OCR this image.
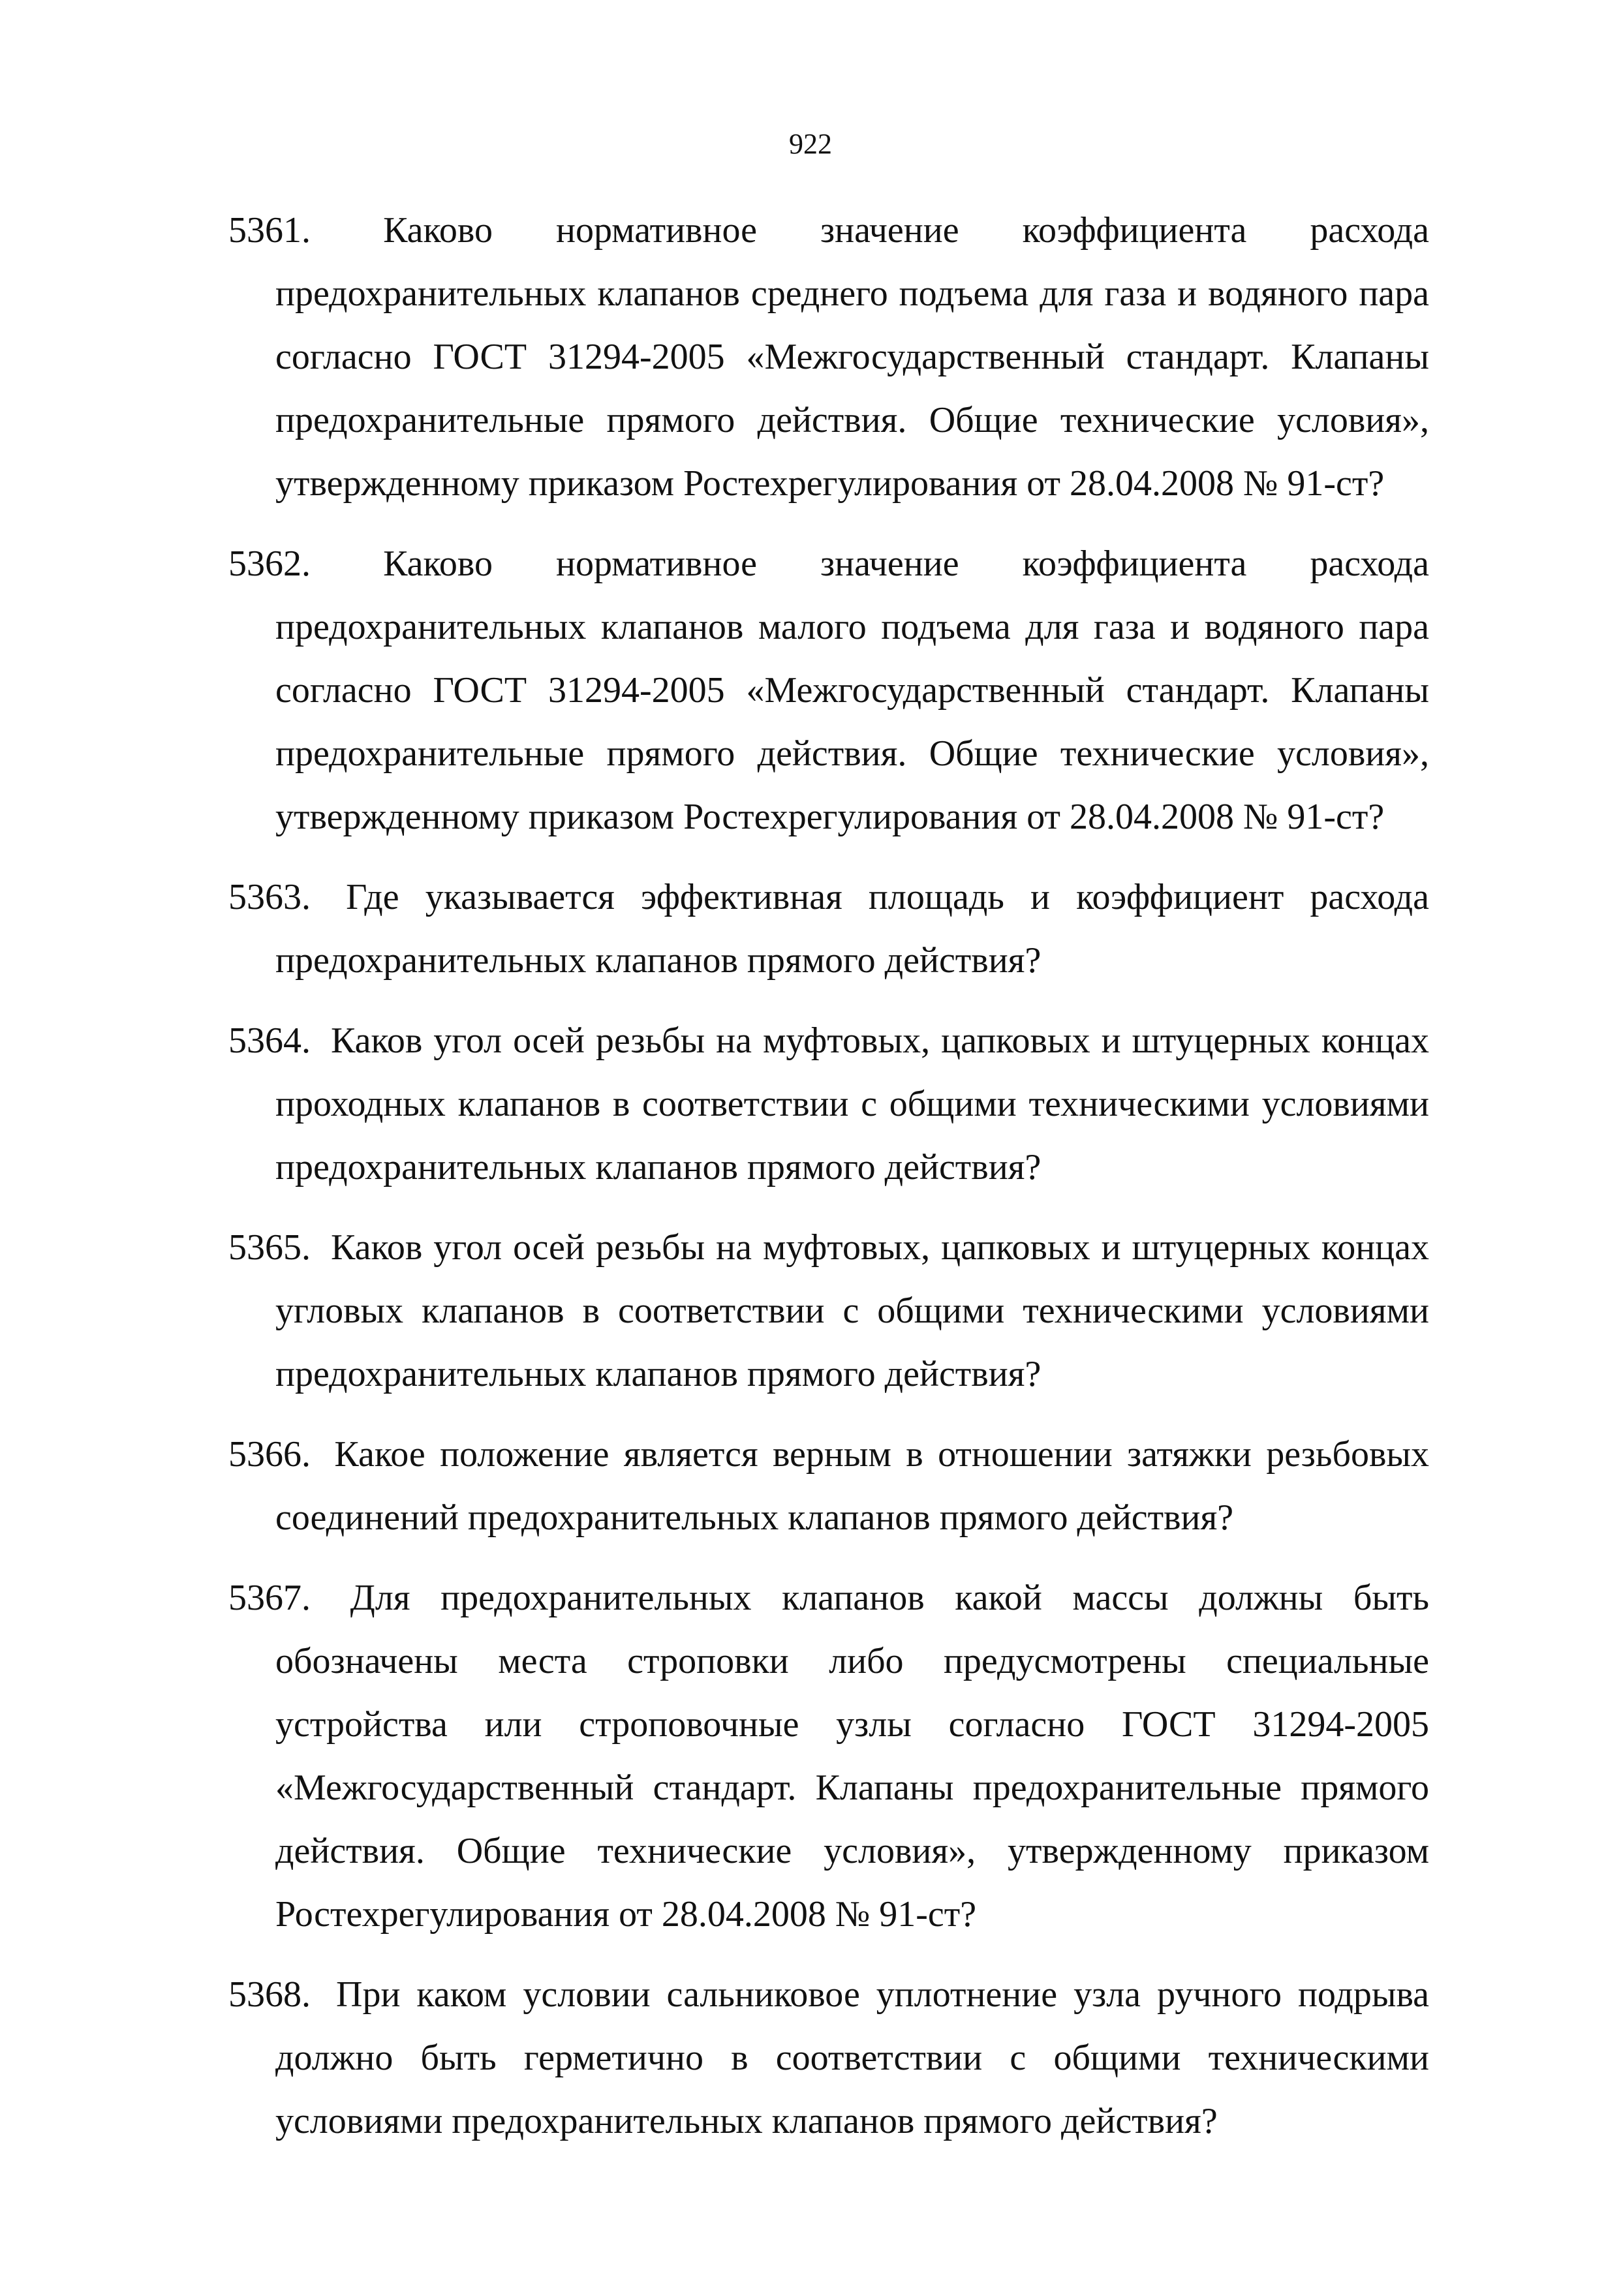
922
5361. Каково нормативное значение коэффициента расхода предохранительных клапанов среднего подъема для газа и водяного пара согласно ГОСТ 31294-2005 «Межгосударственный стандарт. Клапаны предохранительные прямого действия. Общие технические условия», утвержденному приказом Ростехрегулирования от 28.04.2008 № 91-ст?
5362. Каково нормативное значение коэффициента расхода предохранительных клапанов малого подъема для газа и водяного пара согласно ГОСТ 31294-2005 «Межгосударственный стандарт. Клапаны предохранительные прямого действия. Общие технические условия», утвержденному приказом Ростехрегулирования от 28.04.2008 № 91-ст?
5363. Где указывается эффективная площадь и коэффициент расхода предохранительных клапанов прямого действия?
5364. Каков угол осей резьбы на муфтовых, цапковых и штуцерных концах проходных клапанов в соответствии с общими техническими условиями предохранительных клапанов прямого действия?
5365. Каков угол осей резьбы на муфтовых, цапковых и штуцерных концах угловых клапанов в соответствии с общими техническими условиями предохранительных клапанов прямого действия?
5366. Какое положение является верным в отношении затяжки резьбовых соединений предохранительных клапанов прямого действия?
5367. Для предохранительных клапанов какой массы должны быть обозначены места строповки либо предусмотрены специальные устройства или строповочные узлы согласно ГОСТ 31294-2005 «Межгосударственный стандарт. Клапаны предохранительные прямого действия. Общие технические условия», утвержденному приказом Ростехрегулирования от 28.04.2008 № 91-ст?
5368. При каком условии сальниковое уплотнение узла ручного подрыва должно быть герметично в соответствии с общими техническими условиями предохранительных клапанов прямого действия?
